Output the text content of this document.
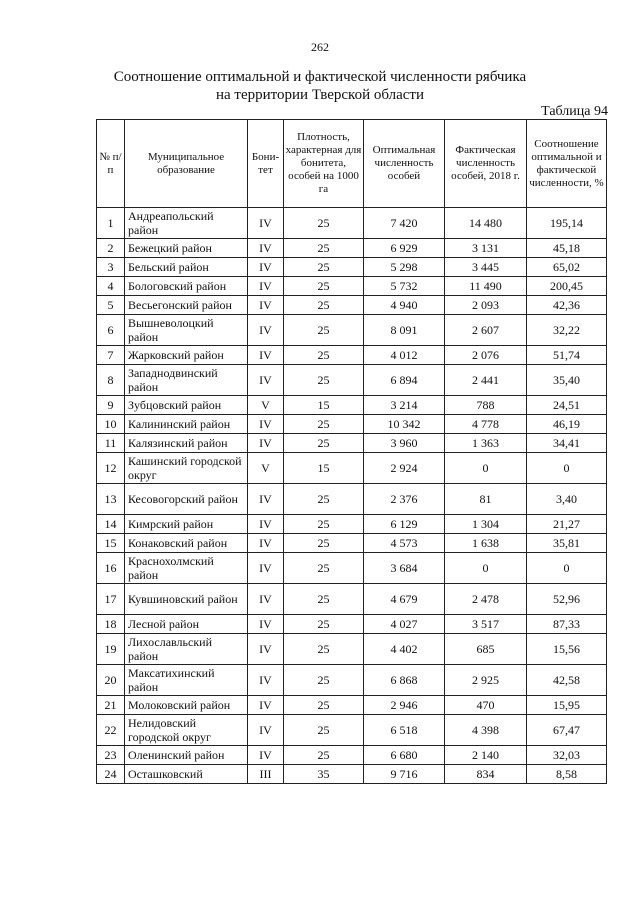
262
Соотношение оптимальной и фактической численности рябчика
на территории Тверской области
Таблица 94
№ п/п	Муниципальное образование	Бони-тет	Плотность, характерная для бонитета, особей на 1000 га	Оптимальная численность особей	Фактическая численность особей, 2018 г.	Соотношение оптимальной и фактической численности, %
1	Андреапольский район	IV	25	7 420	14 480	195,14
2	Бежецкий район	IV	25	6 929	3 131	45,18
3	Бельский район	IV	25	5 298	3 445	65,02
4	Бологовский район	IV	25	5 732	11 490	200,45
5	Весьегонский район	IV	25	4 940	2 093	42,36
6	Вышневолоцкий район	IV	25	8 091	2 607	32,22
7	Жарковский район	IV	25	4 012	2 076	51,74
8	Западнодвинский район	IV	25	6 894	2 441	35,40
9	Зубцовский район	V	15	3 214	788	24,51
10	Калининский район	IV	25	10 342	4 778	46,19
11	Калязинский район	IV	25	3 960	1 363	34,41
12	Кашинский городской округ	V	15	2 924	0	0
13	Кесовогорский район	IV	25	2 376	81	3,40
14	Кимрский район	IV	25	6 129	1 304	21,27
15	Конаковский район	IV	25	4 573	1 638	35,81
16	Краснохолмский район	IV	25	3 684	0	0
17	Кувшиновский район	IV	25	4 679	2 478	52,96
18	Лесной район	IV	25	4 027	3 517	87,33
19	Лихославльский район	IV	25	4 402	685	15,56
20	Максатихинский район	IV	25	6 868	2 925	42,58
21	Молоковский район	IV	25	2 946	470	15,95
22	Нелидовский городской округ	IV	25	6 518	4 398	67,47
23	Оленинский район	IV	25	6 680	2 140	32,03
24	Осташковский	III	35	9 716	834	8,58
